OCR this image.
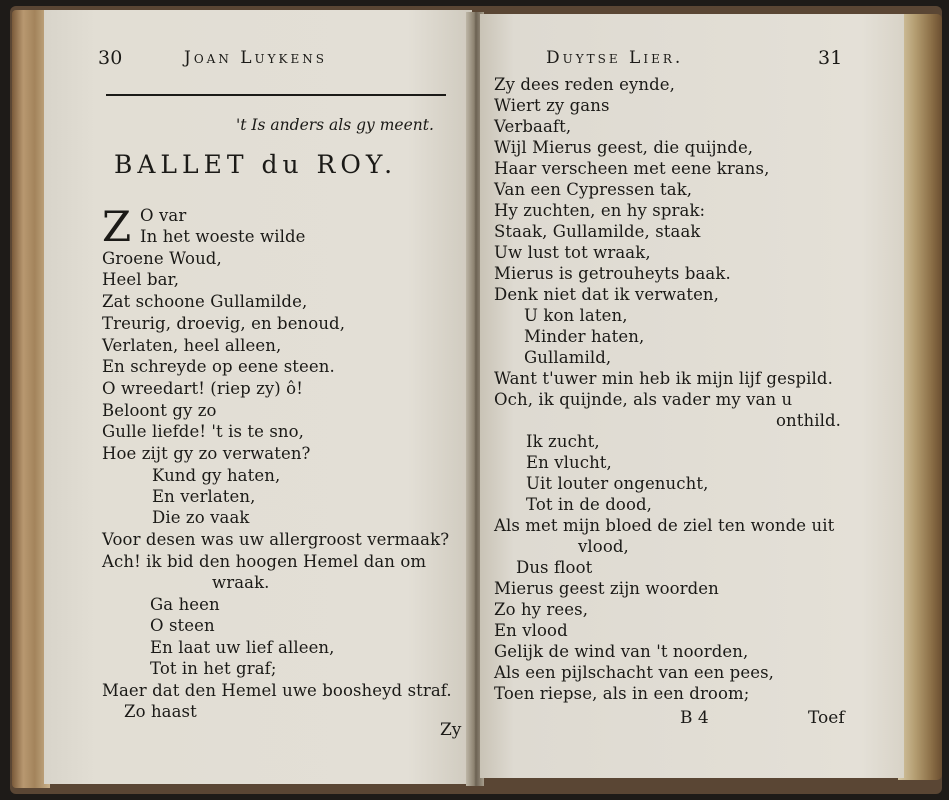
30	Joan Luykens
't Is anders als gy meent.
BALLET du ROY.
Z O var
In het woeste wilde
Groene Woud,
Heel bar,
Zat schoone Gullamilde,
Treurig, droevig, en benoud,
Verlaten, heel alleen,
En schreyde op eene steen.
O wreedart! (riep zy) ô!
Beloont gy zo
Gulle liefde! 't is te sno,
Hoe zijt gy zo verwaten?
Kund gy haten,
En verlaten,
Die zo vaak
Voor desen was uw allergroost vermaak?
Ach! ik bid den hoogen Hemel dan om
wraak.
Ga heen
O steen
En laat uw lief alleen,
Tot in het graf;
Maer dat den Hemel uwe boosheyd straf.
Zo haast
Zy
Duytse Lier.	31
Zy dees reden eynde,
Wiert zy gans
Verbaaft,
Wijl Mierus geest, die quijnde,
Haar verscheen met eene krans,
Van een Cypressen tak,
Hy zuchten, en hy sprak:
Staak, Gullamilde, staak
Uw lust tot wraak,
Mierus is getrouheyts baak.
Denk niet dat ik verwaten,
U kon laten,
Minder haten,
Gullamild,
Want t'uwer min heb ik mijn lijf gespild.
Och, ik quijnde, als vader my van u
onthild.
Ik zucht,
En vlucht,
Uit louter ongenucht,
Tot in de dood,
Als met mijn bloed de ziel ten wonde uit
vlood,
Dus floot
Mierus geest zijn woorden
Zo hy rees,
En vlood
Gelijk de wind van 't noorden,
Als een pijlschacht van een pees,
Toen riepse, als in een droom;
B 4	Toef
